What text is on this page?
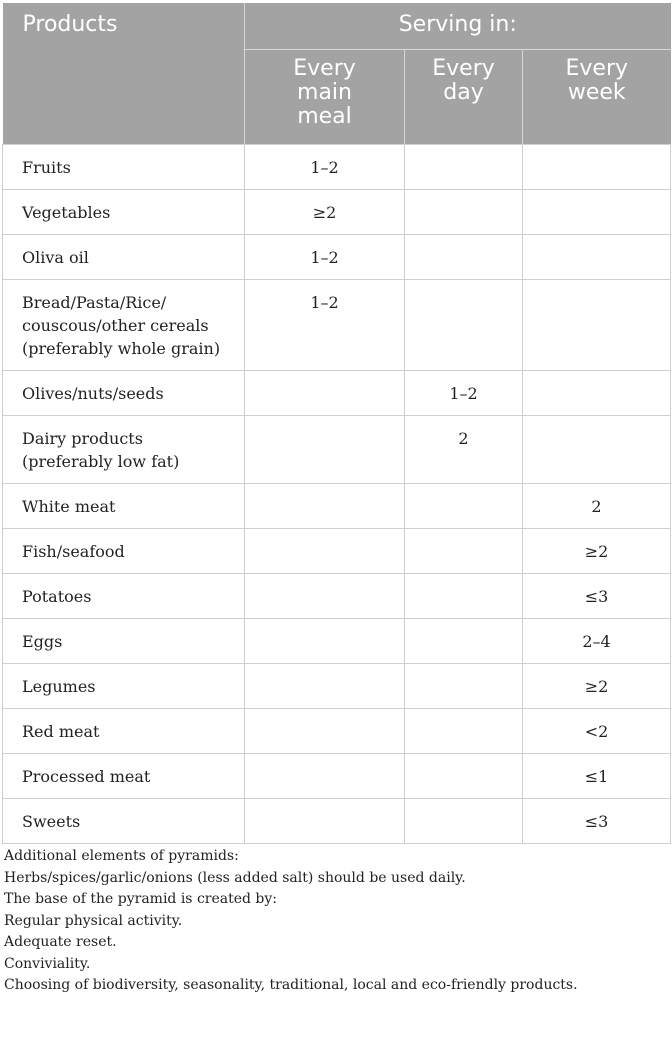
Products	Serving in:		
	Every
main
meal	Every
day	Every
week
Fruits	1–2		
Vegetables	≥2		
Oliva oil	1–2		
Bread/Pasta/Rice/
couscous/other cereals
(preferably whole grain)	1–2		
Olives/nuts/seeds		1–2	
Dairy products
(preferably low fat)		2	
White meat			2
Fish/seafood			≥2
Potatoes			≤3
Eggs			2–4
Legumes			≥2
Red meat			<2
Processed meat			≤1
Sweets			≤3
Additional elements of pyramids:
Herbs/spices/garlic/onions (less added salt) should be used daily.
The base of the pyramid is created by:
Regular physical activity.
Adequate reset.
Conviviality.
Choosing of biodiversity, seasonality, traditional, local and eco-friendly products.
